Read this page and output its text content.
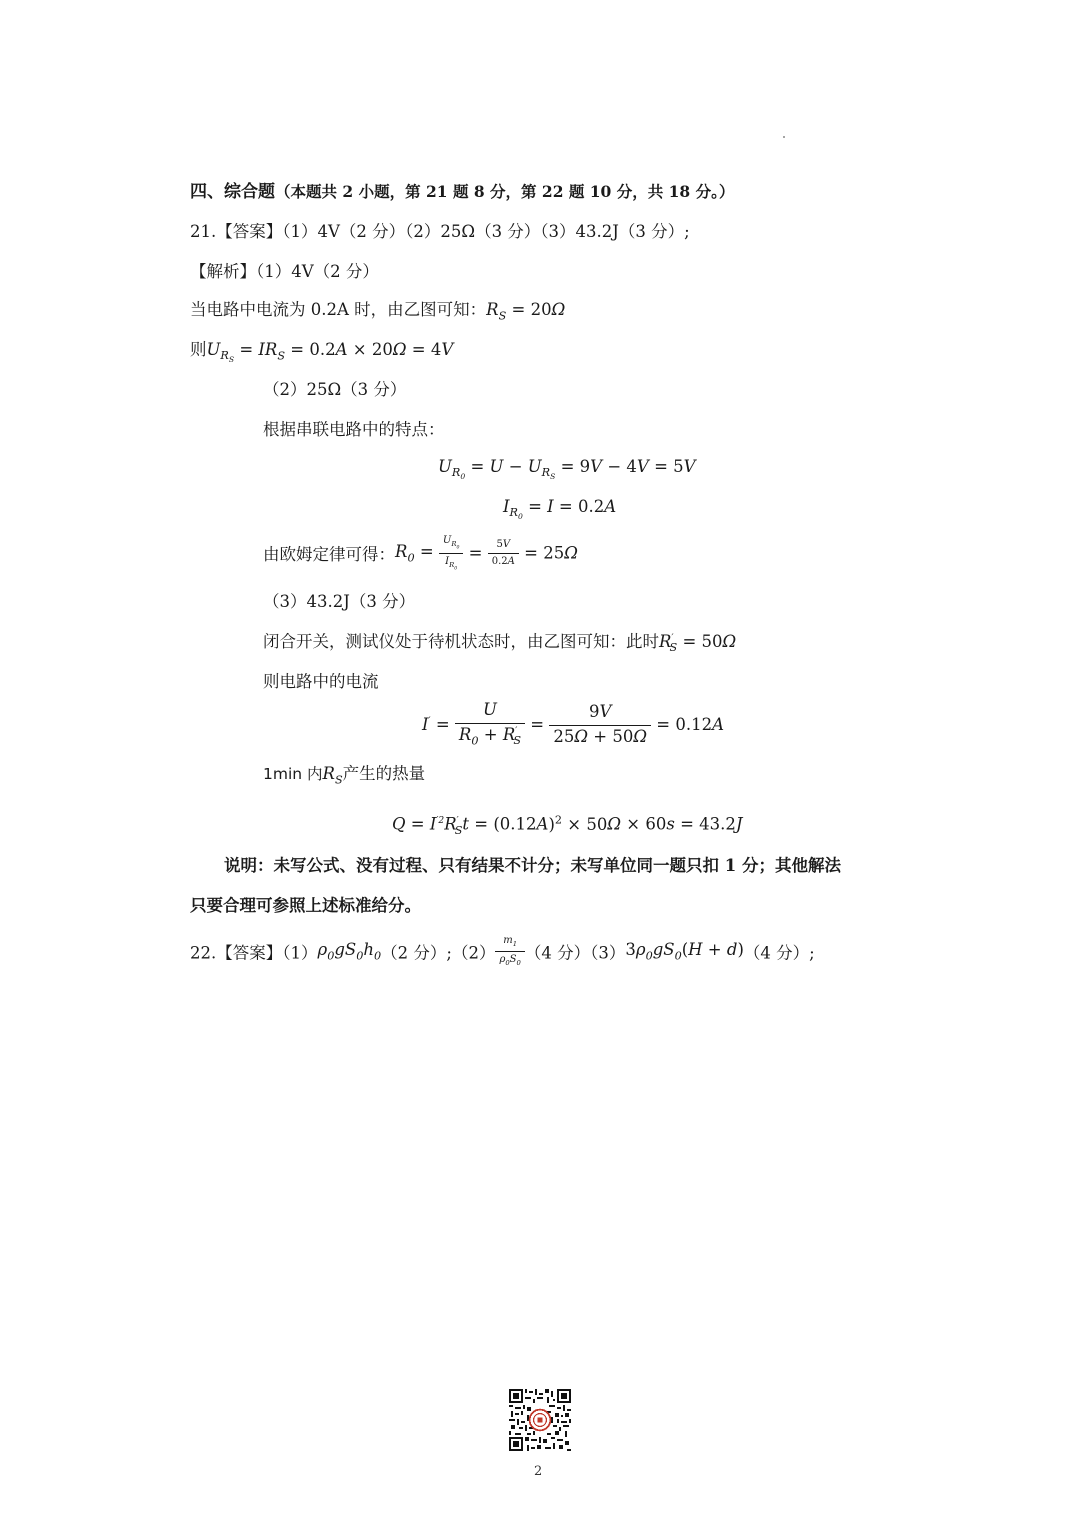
四、综合题（本题共 2 小题，第 21 题 8 分，第 22 题 10 分，共 18 分。）
21.【答案】（1）4V（2 分）（2）25Ω（3 分）（3）43.2J（3 分）;
【解析】（1）4V（2 分）
当电路中电流为 0.2A 时，由乙图可知：$R_S = 20\Omega$
则$U_{R_S} = IR_S = 0.2A \times 20\Omega = 4V$
（2）25Ω（3 分）
根据串联电路中的特点：
$U_{R_0} = U - U_{R_S} = 9V - 4V = 5V$
$I_{R_0} = I = 0.2A$
由欧姆定律可得：$R_0 = \frac{U_{R_0}}{I_{R_0}} = \frac{5V}{0.2A} = 25\Omega$
（3）43.2J（3 分）
闭合开关，测试仪处于待机状态时，由乙图可知：此时$R'_S = 50\Omega$
则电路中的电流
$I' = \frac{U}{R_0 + R'_S} = \frac{9V}{25\Omega + 50\Omega} = 0.12A$
1min 内$R_S$产生的热量
$Q = I^{'2}R'_St = (0.12A)^2 \times 50\Omega \times 60s = 43.2J$
说明：未写公式、没有过程、只有结果不计分；未写单位同一题只扣 1 分；其他解法
只要合理可参照上述标准给分。
22.【答案】$(1)\rho_0gS_0h_0(2$ 分）;（2） $\frac{m_1}{\rho_0S_0} (4$ 分）$(3)3\rho_0gS_0(H + d)(4$ 分）;
2
